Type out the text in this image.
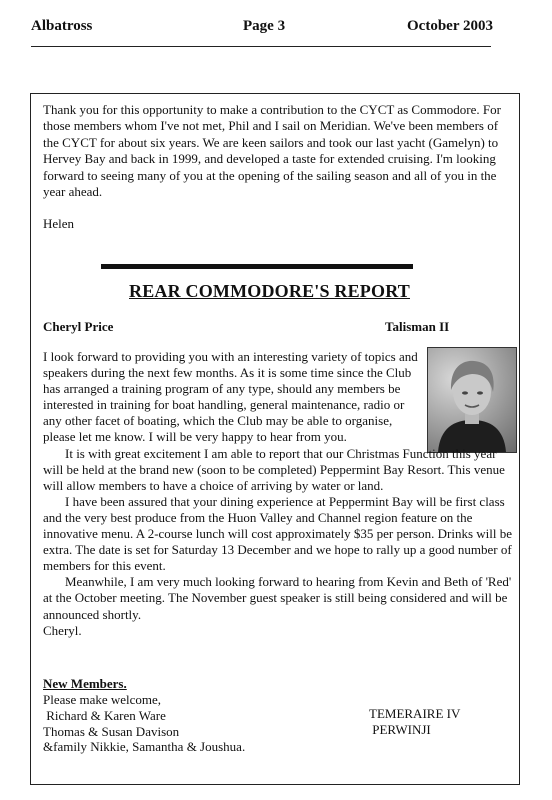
Albatross	Page 3	October 2003

Thank you for this opportunity to make a contribution to the CYCT as Commodore. For those members whom I've not met, Phil and I sail on Meridian. We've been members of the CYCT for about six years. We are keen sailors and took our last yacht (Gamelyn) to Hervey Bay and back in 1999, and developed a taste for extended cruising. I'm looking forward to seeing many of you at the opening of the sailing season and all of you in the year ahead.

Helen

REAR COMMODORE'S REPORT
Cheryl Price	Talisman II

I look forward to providing you with an interesting variety of topics and speakers during the next few months. As it is some time since the Club has arranged a training program of any type, should any members be interested in training for boat handling, general maintenance, radio or any other facet of boating, which the Club may be able to organise, please let me know. I will be very happy to hear from you.

It is with great excitement I am able to report that our Christmas Function this year will be held at the brand new (soon to be completed) Peppermint Bay Resort. This venue will allow members to have a choice of arriving by water or land.

I have been assured that your dining experience at Peppermint Bay will be first class and the very best produce from the Huon Valley and Channel region feature on the innovative menu. A 2-course lunch will cost approximately $35 per person. Drinks will be extra. The date is set for Saturday 13 December and we hope to rally up a good number of members for this event.

Meanwhile, I am very much looking forward to hearing from Kevin and Beth of 'Red' at the October meeting. The November guest speaker is still being considered and will be announced shortly.

Cheryl.

New Members.
Please make welcome,
Richard & Karen Ware
Thomas & Susan Davison
&family Nikkie, Samantha & Joushua.
TEMERAIRE IV
PERWINJI
